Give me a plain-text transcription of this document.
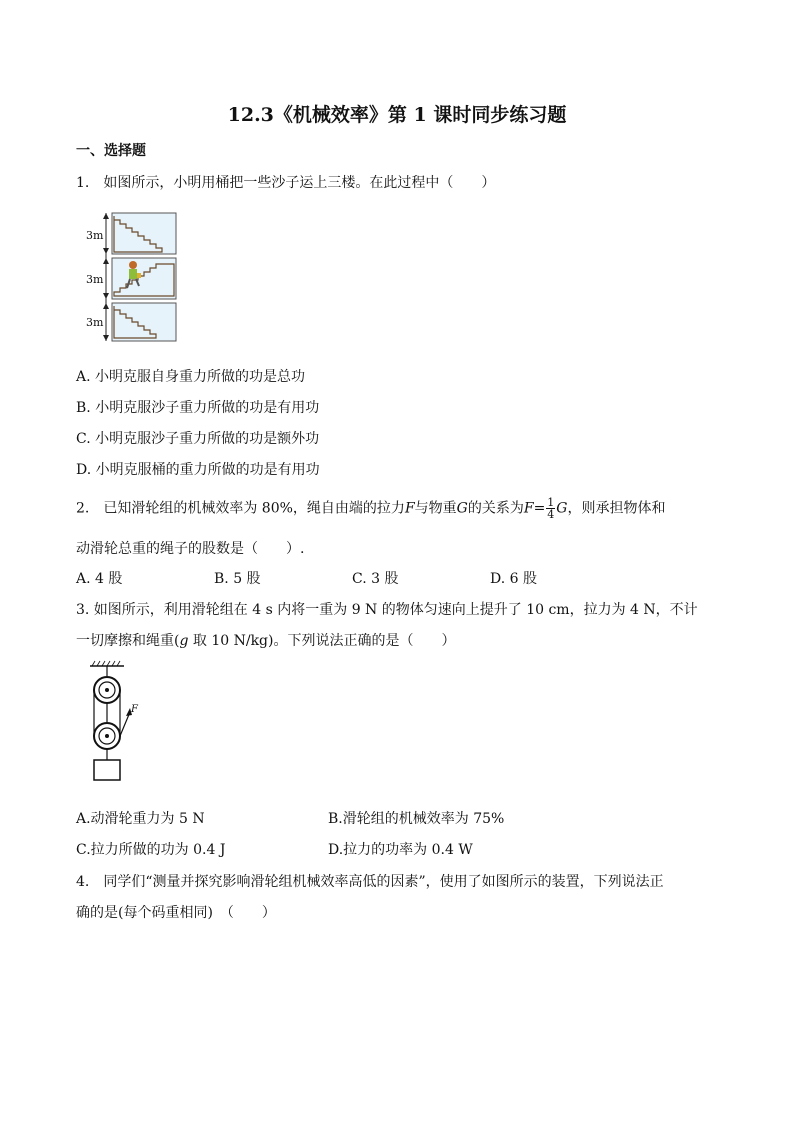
12.3《机械效率》第 1 课时同步练习题
一、选择题
1.　如图所示，小明用桶把一些沙子运上三楼。在此过程中（　　）
3m
3m
3m
A. 小明克服自身重力所做的功是总功
B. 小明克服沙子重力所做的功是有用功
C. 小明克服沙子重力所做的功是额外功
D. 小明克服桶的重力所做的功是有用功
2.　已知滑轮组的机械效率为 80%，绳自由端的拉力F与物重G的关系为$F= \frac{1}{4}$ G，则承担物体和
动滑轮总重的绳子的股数是（　　）.
A. 4 股	B. 5 股	C. 3 股	D. 6 股
3. 如图所示，利用滑轮组在 4 s 内将一重为 9 N 的物体匀速向上提升了 10 cm，拉力为 4 N，不计
一切摩擦和绳重(g 取 10 N/kg)。下列说法正确的是（　　）
F
A.动滑轮重力为 5 N	B.滑轮组的机械效率为 75%
C.拉力所做的功为 0.4 J	D.拉力的功率为 0.4 W
4.　同学们“测量并探究影响滑轮组机械效率高低的因素”，使用了如图所示的装置，下列说法正
确的是(每个码重相同)　（　　）
